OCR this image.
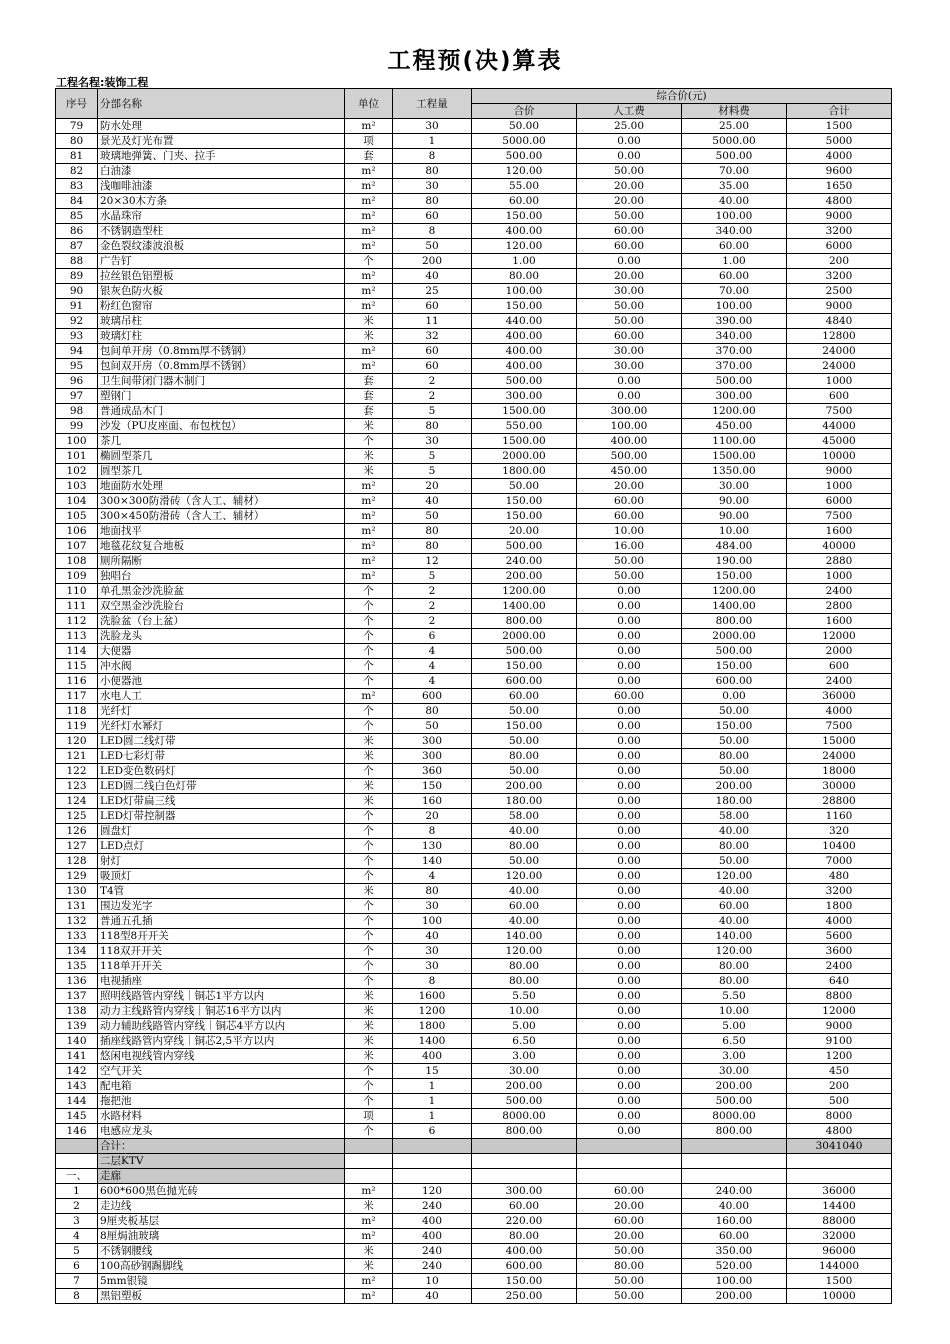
工程预(决)算表
工程名程:装饰工程
序号	分部名称	单位	工程量	综合价(元)			
				合价	人工费	材料费	合计
79	防水处理	m²	30	50.00	25.00	25.00	1500
80	景光及灯光布置	项	1	5000.00	0.00	5000.00	5000
81	玻璃地弹簧、门夹、拉手	套	8	500.00	0.00	500.00	4000
82	白油漆	m²	80	120.00	50.00	70.00	9600
83	浅咖啡油漆	m²	30	55.00	20.00	35.00	1650
84	20×30木方条	m²	80	60.00	20.00	40.00	4800
85	水晶珠帘	m²	60	150.00	50.00	100.00	9000
86	不锈钢造型柱	m²	8	400.00	60.00	340.00	3200
87	金色裂纹漆波浪板	m²	50	120.00	60.00	60.00	6000
88	广告钉	个	200	1.00	0.00	1.00	200
89	拉丝银色铝塑板	m²	40	80.00	20.00	60.00	3200
90	银灰色防火板	m²	25	100.00	30.00	70.00	2500
91	粉红色窗帘	m²	60	150.00	50.00	100.00	9000
92	玻璃吊柱	米	11	440.00	50.00	390.00	4840
93	玻璃灯柱	米	32	400.00	60.00	340.00	12800
94	包间单开房（0.8mm厚不锈钢）	m²	60	400.00	30.00	370.00	24000
95	包间双开房（0.8mm厚不锈钢）	m²	60	400.00	30.00	370.00	24000
96	卫生间带闭门器木制门	套	2	500.00	0.00	500.00	1000
97	塑钢门	套	2	300.00	0.00	300.00	600
98	普通成品木门	套	5	1500.00	300.00	1200.00	7500
99	沙发（PU皮座面、布包枕包）	米	80	550.00	100.00	450.00	44000
100	茶几	个	30	1500.00	400.00	1100.00	45000
101	椭圆型茶几	米	5	2000.00	500.00	1500.00	10000
102	圆型茶几	米	5	1800.00	450.00	1350.00	9000
103	地面防水处理	m²	20	50.00	20.00	30.00	1000
104	300×300防滑砖（含人工、辅材）	m²	40	150.00	60.00	90.00	6000
105	300×450防滑砖（含人工、辅材）	m²	50	150.00	60.00	90.00	7500
106	地面找平	m²	80	20.00	10.00	10.00	1600
107	地毯花纹复合地板	m²	80	500.00	16.00	484.00	40000
108	厕所隔断	m²	12	240.00	50.00	190.00	2880
109	独唱台	m²	5	200.00	50.00	150.00	1000
110	单孔黑金沙洗脸盆	个	2	1200.00	0.00	1200.00	2400
111	双空黑金沙洗脸台	个	2	1400.00	0.00	1400.00	2800
112	洗脸盆（台上盆）	个	2	800.00	0.00	800.00	1600
113	洗脸龙头	个	6	2000.00	0.00	2000.00	12000
114	大便器	个	4	500.00	0.00	500.00	2000
115	冲水阀	个	4	150.00	0.00	150.00	600
116	小便器池	个	4	600.00	0.00	600.00	2400
117	水电人工	m²	600	60.00	60.00	0.00	36000
118	光纤灯	个	80	50.00	0.00	50.00	4000
119	光纤灯水幂灯	个	50	150.00	0.00	150.00	7500
120	LED圆二线灯带	米	300	50.00	0.00	50.00	15000
121	LED七彩灯带	米	300	80.00	0.00	80.00	24000
122	LED变色数码灯	个	360	50.00	0.00	50.00	18000
123	LED圆二线白色灯带	米	150	200.00	0.00	200.00	30000
124	LED灯带扁三线	米	160	180.00	0.00	180.00	28800
125	LED灯带控制器	个	20	58.00	0.00	58.00	1160
126	圆盘灯	个	8	40.00	0.00	40.00	320
127	LED点灯	个	130	80.00	0.00	80.00	10400
128	射灯	个	140	50.00	0.00	50.00	7000
129	吸顶灯	个	4	120.00	0.00	120.00	480
130	T4管	米	80	40.00	0.00	40.00	3200
131	围边发光字	个	30	60.00	0.00	60.00	1800
132	普通五孔插	个	100	40.00	0.00	40.00	4000
133	118型8开开关	个	40	140.00	0.00	140.00	5600
134	118双开开关	个	30	120.00	0.00	120.00	3600
135	118单开开关	个	30	80.00	0.00	80.00	2400
136	电视插座	个	8	80.00	0.00	80.00	640
137	照明线路管内穿线｜铜芯1平方以内	米	1600	5.50	0.00	5.50	8800
138	动力主线路管内穿线｜铜芯16平方以内	米	1200	10.00	0.00	10.00	12000
139	动力辅助线路管内穿线｜铜芯4平方以内	米	1800	5.00	0.00	5.00	9000
140	插座线路管内穿线｜铜芯2,5平方以内	米	1400	6.50	0.00	6.50	9100
141	悠闲电视线管内穿线	米	400	3.00	0.00	3.00	1200
142	空气开关	个	15	30.00	0.00	30.00	450
143	配电箱	个	1	200.00	0.00	200.00	200
144	拖把池	个	1	500.00	0.00	500.00	500
145	水路材料	项	1	8000.00	0.00	8000.00	8000
146	电感应龙头	个	6	800.00	0.00	800.00	4800
	合计：						3041040
	二层KTV						
一、	走廊						
1	600*600黑色抛光砖	m²	120	300.00	60.00	240.00	36000
2	走边线	米	240	60.00	20.00	40.00	14400
3	9厘夹板基层	m²	400	220.00	60.00	160.00	88000
4	8厘焗油玻璃	m²	400	80.00	20.00	60.00	32000
5	不锈钢腰线	米	240	400.00	50.00	350.00	96000
6	100高砂钢踢脚线	米	240	600.00	80.00	520.00	144000
7	5mm银镜	m²	10	150.00	50.00	100.00	1500
8	黑铝塑板	m²	40	250.00	50.00	200.00	10000
